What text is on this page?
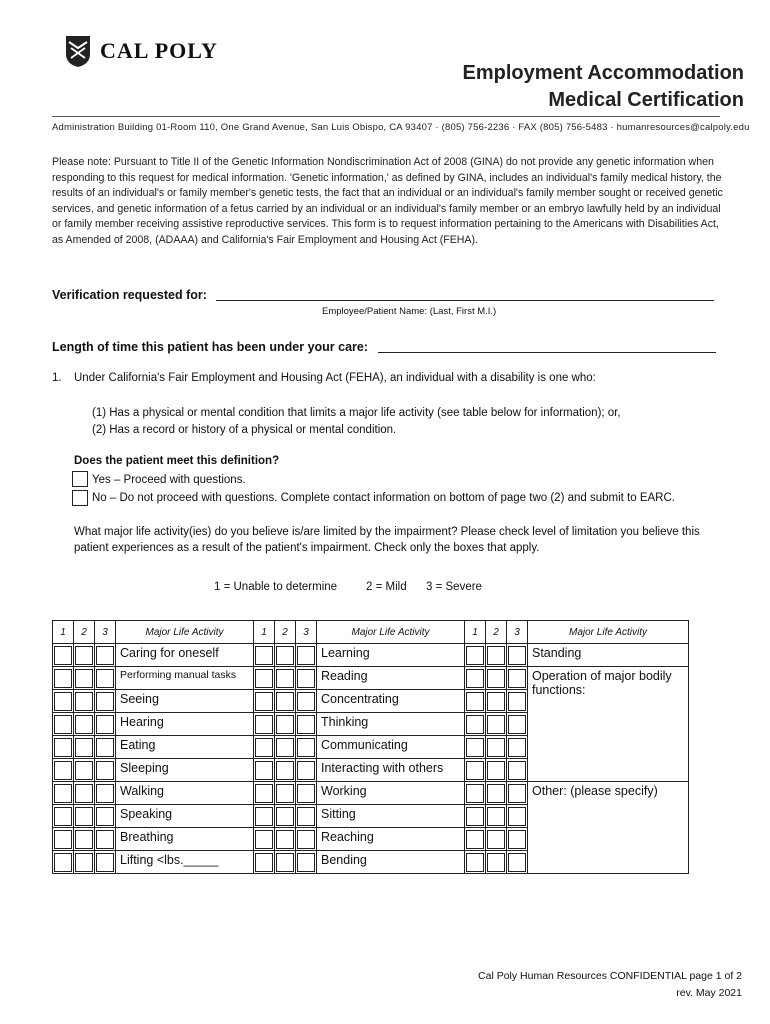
CAL POLY
Employment Accommodation
Medical Certification
Administration Building 01-Room 110, One Grand Avenue, San Luis Obispo, CA 93407 · (805) 756-2236 · FAX (805) 756-5483 · humanresources@calpoly.edu
Please note: Pursuant to Title II of the Genetic Information Nondiscrimination Act of 2008 (GINA) do not provide any genetic information when responding to this request for medical information. 'Genetic information,' as defined by GINA, includes an individual's family medical history, the results of an individual's or family member's genetic tests, the fact that an individual or an individual's family member sought or received genetic services, and genetic information of a fetus carried by an individual or an individual's family member or an embryo lawfully held by an individual or family member receiving assistive reproductive services. This form is to request information pertaining to the Americans with Disabilities Act, as Amended of 2008, (ADAAA) and California's Fair Employment and Housing Act (FEHA).
Verification requested for:
Employee/Patient Name: (Last, First M.I.)
Length of time this patient has been under your care:
1. Under California's Fair Employment and Housing Act (FEHA), an individual with a disability is one who:
(1) Has a physical or mental condition that limits a major life activity (see table below for information); or,
(2) Has a record or history of a physical or mental condition.
Does the patient meet this definition?
Yes – Proceed with questions.
No – Do not proceed with questions. Complete contact information on bottom of page two (2) and submit to EARC.
What major life activity(ies) do you believe is/are limited by the impairment? Please check level of limitation you believe this patient experiences as a result of the patient's impairment. Check only the boxes that apply.
1 = Unable to determine	2 = Mild 3 = Severe
1	2	3	Major Life Activity	1	2	3	Major Life Activity	1	2	3	Major Life Activity

			Caring for oneself				Learning				Standing

			Performing manual tasks				Reading				Operation of major bodily functions:

			Seeing				Concentrating				

			Hearing				Thinking				

			Eating				Communicating				

			Sleeping				Interacting with others				

			Walking				Working				Other: (please specify)

			Speaking				Sitting				

			Breathing				Reaching				

			Lifting <lbs._____				Bending				

Cal Poly Human Resources CONFIDENTIAL page 1 of 2
rev. May 2021
